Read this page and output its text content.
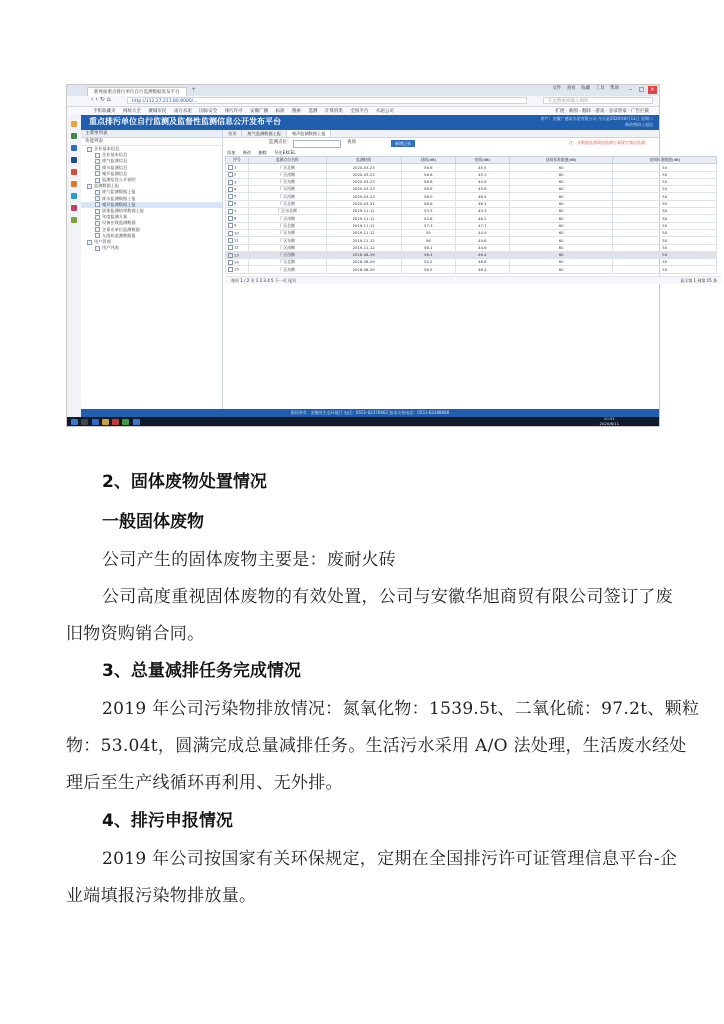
新界面重点排污单位自行监测数据发布平台	+	文件 查看 收藏 工具 帮助	–	□ ×
‹›↻⌂	http://112.27.211.80:8080/...	在此搜索或输入网址
手机收藏夹 网址大全 聚城市民 南方水泥 国际安全 排污许可 安徽广播 标准 搜索 监测 计算机类 全国平台 水泥公司	扩展 · 截图 · 翻译 · 游戏 · 登录管家 · 广告拦截
重点排污单位自行监测及监督性监测信息公开发布平台	用户：安徽广德某水泥有限公司 今天是2020年8月11日 星期二
修改密码 | 退出
主菜单列表
功能列表
企业基本信息
企业基本信息
废气监测信息
废水监测信息
噪声监测信息
监测信息公开说明
监测数据上报
废气监测数据上报
废水监测数据上报
噪声监测数据上报
固体监测结果数据上报
年度监测方案
设备在线监测数据
企事业单位监测数据
无组织监测数据报
用户管理
用户列表
首页	废气监测数据上报	噪声监测数据上报
监测点位：	查询	新增记录	注：各数据监测需按监测方案规定频次监测。
添加 修改 删除 导出EXCEL
序号	监测点位名称	监测时间	昼间(dB)	夜间(dB)	昼间标准限值(dB)	夜间标准限值(dB)
1	厂区北侧	2020-03-23	56.6	45.5	60	50
2	厂区南侧	2020-03-23	56.8	45.3	60	50
3	厂区东侧	2020-03-23	56.6	44.9	60	50
4	厂区西侧	2020-03-23	56.8	45.6	60	50
5	厂区西侧	2020-03-23	56.0	46.4	60	50
6	厂区北侧	2020-03-31	56.6	46.1	60	50
7	厂区东北侧	2019-11-12	53.3	43.3	60	50
8	厂区南侧	2019-11-12	52.8	46.2	60	50
9	厂区北侧	2019-11-12	57.3	47.7	60	50
10	厂区东侧	2019-11-12	55	44.9	60	50
11	厂区东侧	2019-11-12	56	44.6	60	50
12	厂区南侧	2019-11-12	56.1	44.6	60	50
13	厂区西侧	2018-08-29	56.4	46.4	60	50
14	厂区北侧	2018-08-29	55.2	46.8	60	50
15	厂区东侧	2018-08-29	56.5	46.4	60	50
每页 1 / 2 页 1 2 3 4 5 下一页 尾页	显示第 1 到第 15 条
版权所有：安徽省生态环境厅 电话：0551-62376662 技术支持电话：0551-62288688

10:51
2020/8/11
2、固体废物处置情况
一般固体废物
公司产生的固体废物主要是：废耐火砖
公司高度重视固体废物的有效处置，公司与安徽华旭商贸有限公司签订了废
旧物资购销合同。
3、总量减排任务完成情况
2019 年公司污染物排放情况：氮氧化物：1539.5t、二氧化硫：97.2t、颗粒
物：53.04t，圆满完成总量减排任务。生活污水采用 A/O 法处理，生活废水经处
理后至生产线循环再利用、无外排。
4、排污申报情况
2019 年公司按国家有关环保规定，定期在全国排污许可证管理信息平台-企
业端填报污染物排放量。
